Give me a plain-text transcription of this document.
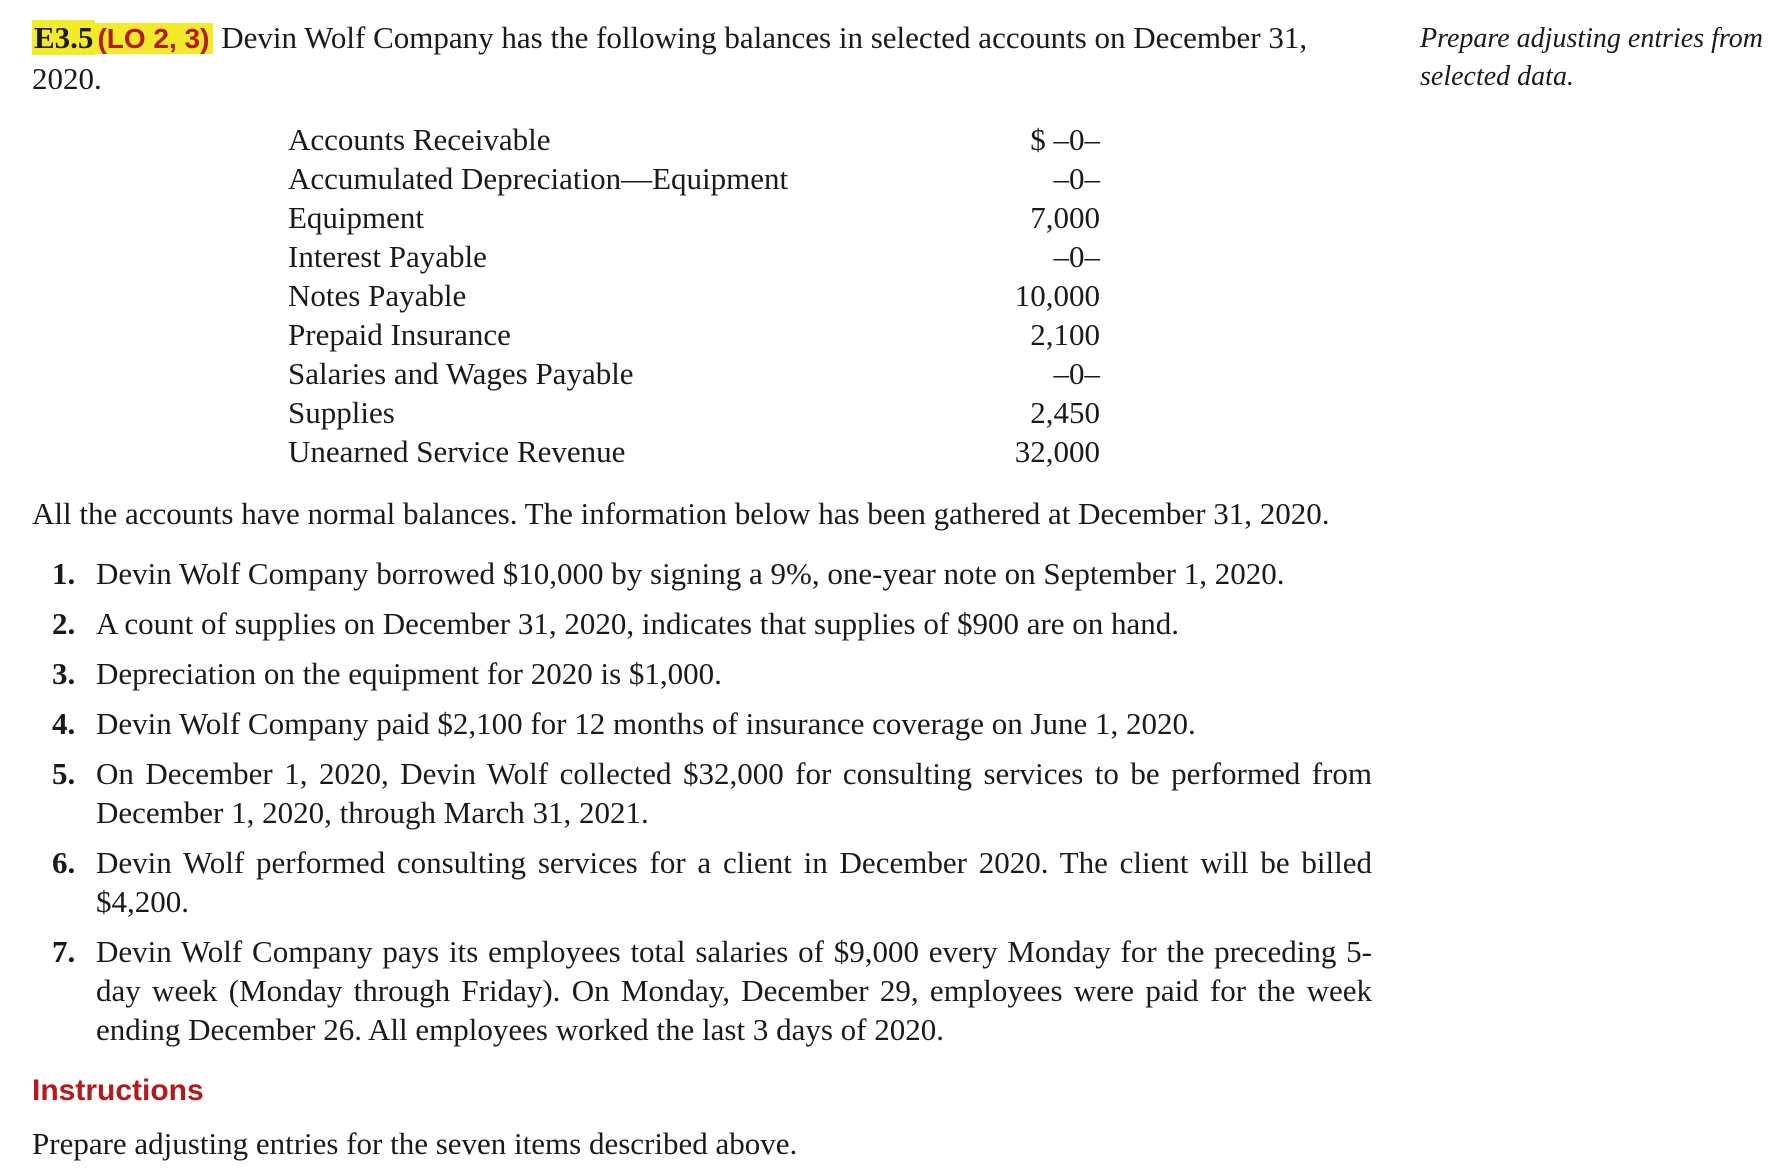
E3.5 (LO 2, 3) Devin Wolf Company has the following balances in selected accounts on December 31, 2020.
Prepare adjusting entries from
selected data.
Accounts Receivable	$ –0–
Accumulated Depreciation—Equipment	–0–
Equipment	7,000
Interest Payable	–0–
Notes Payable	10,000
Prepaid Insurance	2,100
Salaries and Wages Payable	–0–
Supplies	2,450
Unearned Service Revenue	32,000
All the accounts have normal balances. The information below has been gathered at December 31, 2020.
1. Devin Wolf Company borrowed $10,000 by signing a 9%, one-year note on September 1, 2020.
2. A count of supplies on December 31, 2020, indicates that supplies of $900 are on hand.
3. Depreciation on the equipment for 2020 is $1,000.
4. Devin Wolf Company paid $2,100 for 12 months of insurance coverage on June 1, 2020.
5. On December 1, 2020, Devin Wolf collected $32,000 for consulting services to be performed from December 1, 2020, through March 31, 2021.
6. Devin Wolf performed consulting services for a client in December 2020. The client will be billed $4,200.
7. Devin Wolf Company pays its employees total salaries of $9,000 every Monday for the preceding 5-day week (Monday through Friday). On Monday, December 29, employees were paid for the week ending December 26. All employees worked the last 3 days of 2020.
Instructions
Prepare adjusting entries for the seven items described above.
